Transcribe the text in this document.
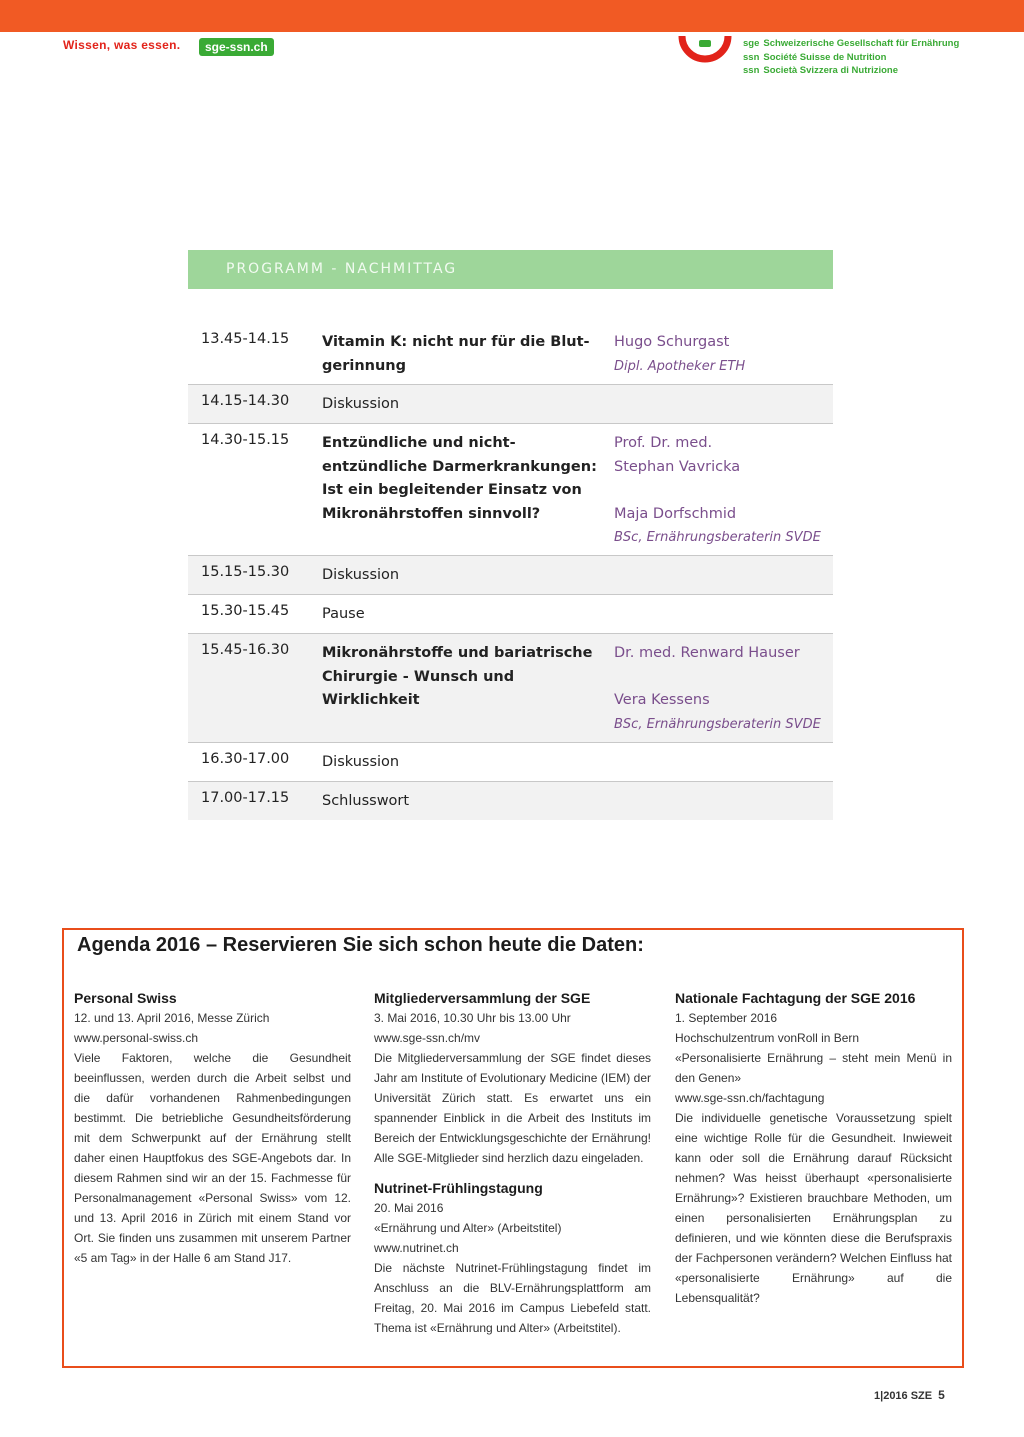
Wissen, was essen.	sge-ssn.ch	sge Schweizerische Gesellschaft für Ernährung
ssn Société Suisse de Nutrition
ssn Società Svizzera di Nutrizione
PROGRAMM - NACHMITTAG
13.45-14.15 Vitamin K: nicht nur für die Blut-gerinnung
Hugo Schurgast
Dipl. Apotheker ETH
14.15-14.30 Diskussion
14.30-15.15 Entzündliche und nicht-entzündliche Darmerkrankungen: Ist ein begleitender Einsatz von Mikronährstoffen sinnvoll?
Prof. Dr. med. Stephan Vavricka
Maja Dorfschmid
BSc, Ernährungsberaterin SVDE
15.15-15.30 Diskussion
15.30-15.45 Pause
15.45-16.30 Mikronährstoffe und bariatrische Chirurgie - Wunsch und Wirklichkeit
Dr. med. Renward Hauser
Vera Kessens
BSc, Ernährungsberaterin SVDE
16.30-17.00 Diskussion
17.00-17.15 Schlusswort
Agenda 2016 – Reservieren Sie sich schon heute die Daten:
Personal Swiss

12. und 13. April 2016, Messe Zürich

www.personal-swiss.ch

Viele Faktoren, welche die Gesundheit beeinflussen, werden durch die Arbeit selbst und die dafür vorhandenen Rahmenbedingungen bestimmt. Die betriebliche Gesundheitsförderung mit dem Schwerpunkt auf der Ernährung stellt daher einen Hauptfokus des SGE-Angebots dar. In diesem Rahmen sind wir an der 15. Fachmesse für Personalmanagement «Personal Swiss» vom 12. und 13. April 2016 in Zürich mit einem Stand vor Ort. Sie finden uns zusammen mit unserem Partner «5 am Tag» in der Halle 6 am Stand J17.

Mitgliederversammlung der SGE

3. Mai 2016, 10.30 Uhr bis 13.00 Uhr

www.sge-ssn.ch/mv

Die Mitgliederversammlung der SGE findet dieses Jahr am Institute of Evolutionary Medicine (IEM) der Universität Zürich statt. Es erwartet uns ein spannender Einblick in die Arbeit des Instituts im Bereich der Entwicklungsgeschichte der Ernährung! Alle SGE-Mitglieder sind herzlich dazu eingeladen.

Nutrinet-Frühlingstagung

20. Mai 2016

«Ernährung und Alter» (Arbeitstitel)

www.nutrinet.ch

Die nächste Nutrinet-Frühlingstagung findet im Anschluss an die BLV-Ernährungsplattform am Freitag, 20. Mai 2016 im Campus Liebefeld statt. Thema ist «Ernährung und Alter» (Arbeitstitel).

Nationale Fachtagung der SGE 2016

1. September 2016

Hochschulzentrum vonRoll in Bern

«Personalisierte Ernährung – steht mein Menü in den Genen»

www.sge-ssn.ch/fachtagung

Die individuelle genetische Voraussetzung spielt eine wichtige Rolle für die Gesundheit. Inwieweit kann oder soll die Ernährung darauf Rücksicht nehmen? Was heisst überhaupt «personalisierte Ernährung»? Existieren brauchbare Methoden, um einen personalisierten Ernährungsplan zu definieren, und wie könnten diese die Berufspraxis der Fachpersonen verändern? Welchen Einfluss hat «personalisierte Ernährung» auf die Lebensqualität?

1|2016 SZE 5
